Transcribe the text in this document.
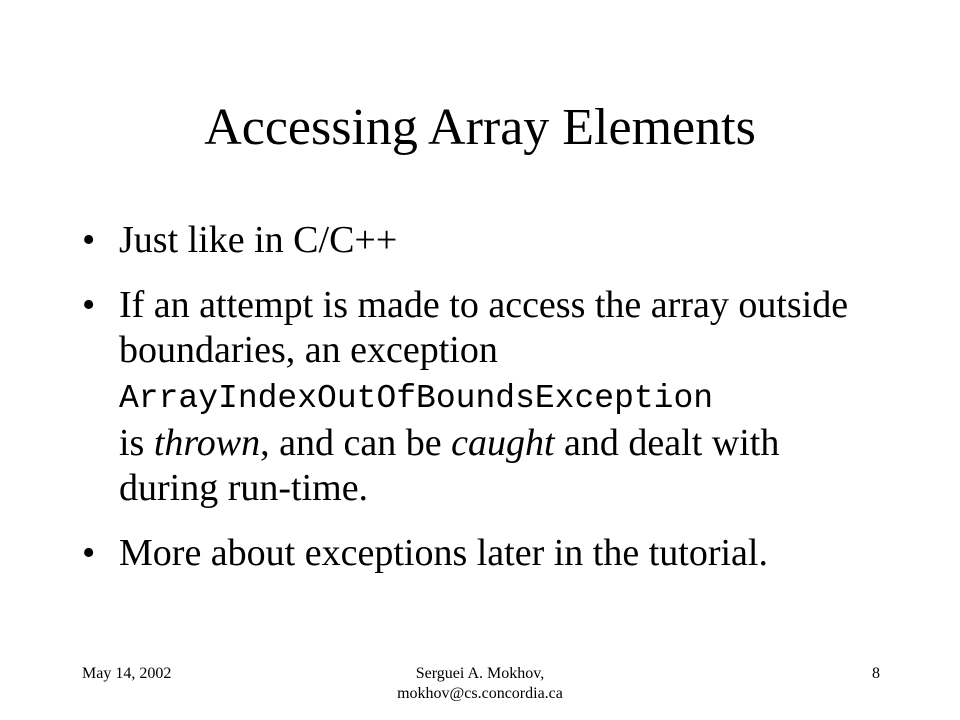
Accessing Array Elements
• Just like in C/C++
• If an attempt is made to access the array outside boundaries, an exception
ArrayIndexOutOfBoundsException
is thrown, and can be caught and dealt with during run-time.
• More about exceptions later in the tutorial.
May 14, 2002	Serguei A. Mokhov,
mokhov@cs.concordia.ca
8
